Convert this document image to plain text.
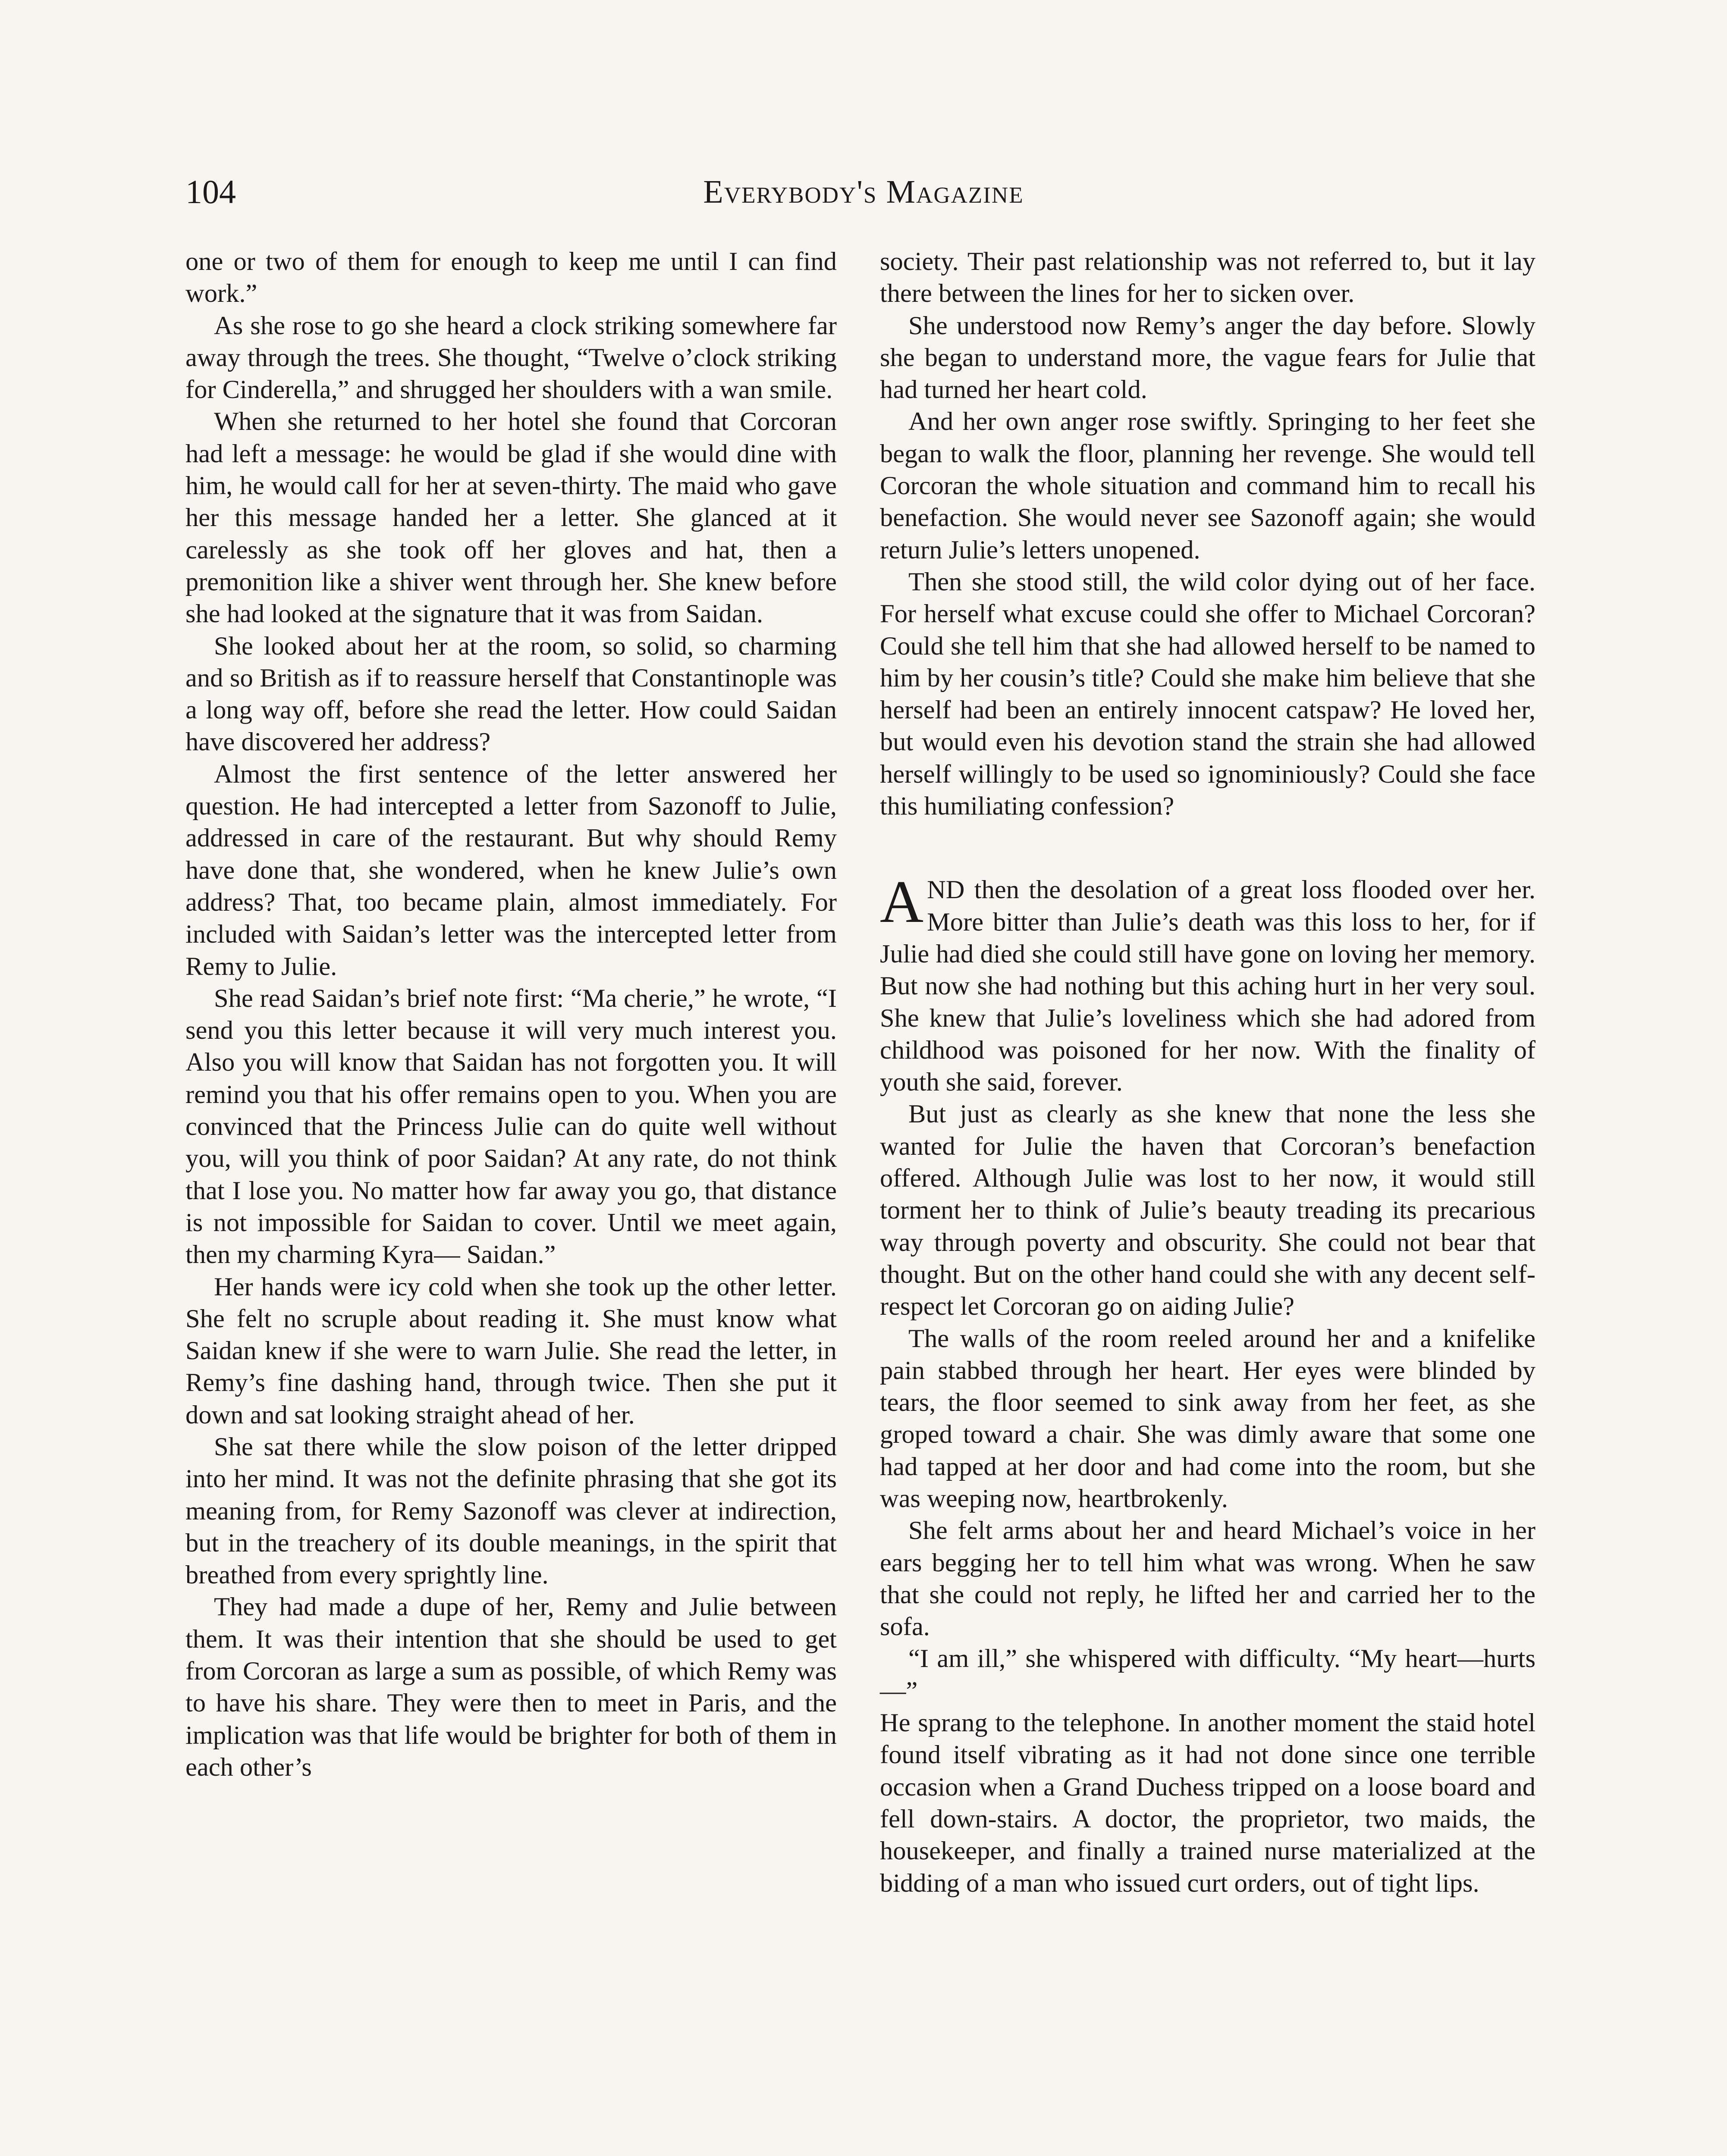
104	Everybody's Magazine

one or two of them for enough to keep me until I can find work.”

As she rose to go she heard a clock striking somewhere far away through the trees. She thought, “Twelve o’clock striking for Cinderella,” and shrugged her shoulders with a wan smile.

When she returned to her hotel she found that Corcoran had left a message: he would be glad if she would dine with him, he would call for her at seven-thirty. The maid who gave her this message handed her a letter. She glanced at it carelessly as she took off her gloves and hat, then a premonition like a shiver went through her. She knew before she had looked at the signature that it was from Saidan.

She looked about her at the room, so solid, so charming and so British as if to reassure herself that Constantinople was a long way off, before she read the letter. How could Saidan have discovered her address?

Almost the first sentence of the letter answered her question. He had intercepted a letter from Sazonoff to Julie, addressed in care of the restaurant. But why should Remy have done that, she wondered, when he knew Julie’s own address? That, too became plain, almost immediately. For included with Saidan’s letter was the intercepted letter from Remy to Julie.

She read Saidan’s brief note first: “Ma cherie,” he wrote, “I send you this letter because it will very much interest you. Also you will know that Saidan has not forgotten you. It will remind you that his offer remains open to you. When you are convinced that the Princess Julie can do quite well without you, will you think of poor Saidan? At any rate, do not think that I lose you. No matter how far away you go, that distance is not impossible for Saidan to cover. Until we meet again, then my charming Kyra— Saidan.”

Her hands were icy cold when she took up the other letter. She felt no scruple about reading it. She must know what Saidan knew if she were to warn Julie. She read the letter, in Remy’s fine dashing hand, through twice. Then she put it down and sat looking straight ahead of her.

She sat there while the slow poison of the letter dripped into her mind. It was not the definite phrasing that she got its meaning from, for Remy Sazonoff was clever at indirection, but in the treachery of its double meanings, in the spirit that breathed from every sprightly line.

They had made a dupe of her, Remy and Julie between them. It was their intention that she should be used to get from Corcoran as large a sum as possible, of which Remy was to have his share. They were then to meet in Paris, and the implication was that life would be brighter for both of them in each other’s

society. Their past relationship was not referred to, but it lay there between the lines for her to sicken over.

She understood now Remy’s anger the day before. Slowly she began to understand more, the vague fears for Julie that had turned her heart cold.

And her own anger rose swiftly. Springing to her feet she began to walk the floor, planning her revenge. She would tell Corcoran the whole situation and command him to recall his benefaction. She would never see Sazonoff again; she would return Julie’s letters unopened.

Then she stood still, the wild color dying out of her face. For herself what excuse could she offer to Michael Corcoran? Could she tell him that she had allowed herself to be named to him by her cousin’s title? Could she make him believe that she herself had been an entirely innocent catspaw? He loved her, but would even his devotion stand the strain she had allowed herself willingly to be used so ignominiously? Could she face this humiliating confession?

AND then the desolation of a great loss flooded over her. More bitter than Julie’s death was this loss to her, for if Julie had died she could still have gone on loving her memory. But now she had nothing but this aching hurt in her very soul. She knew that Julie’s loveliness which she had adored from childhood was poisoned for her now. With the finality of youth she said, forever.

But just as clearly as she knew that none the less she wanted for Julie the haven that Corcoran’s benefaction offered. Although Julie was lost to her now, it would still torment her to think of Julie’s beauty treading its precarious way through poverty and obscurity. She could not bear that thought. But on the other hand could she with any decent self-respect let Corcoran go on aiding Julie?

The walls of the room reeled around her and a knifelike pain stabbed through her heart. Her eyes were blinded by tears, the floor seemed to sink away from her feet, as she groped toward a chair. She was dimly aware that some one had tapped at her door and had come into the room, but she was weeping now, heartbrokenly.

She felt arms about her and heard Michael’s voice in her ears begging her to tell him what was wrong. When he saw that she could not reply, he lifted her and carried her to the sofa.

“I am ill,” she whispered with difficulty. “My heart—hurts—”

He sprang to the telephone. In another moment the staid hotel found itself vibrating as it had not done since one terrible occasion when a Grand Duchess tripped on a loose board and fell down-stairs. A doctor, the proprietor, two maids, the housekeeper, and finally a trained nurse materialized at the bidding of a man who issued curt orders, out of tight lips.
